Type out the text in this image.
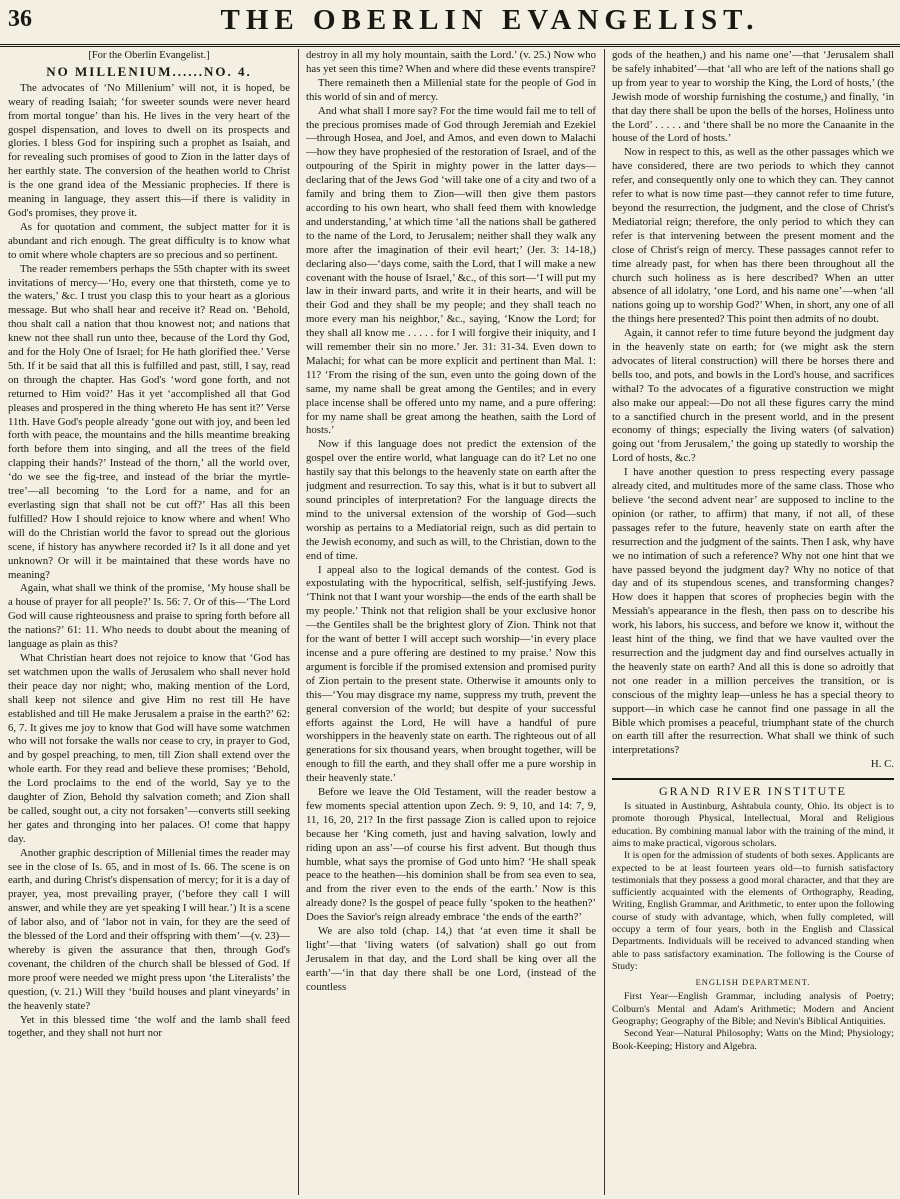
36	THE OBERLIN EVANGELIST.
[For the Oberlin Evangelist.]
NO MILLENIUM......NO. 4.

The advocates of ‘No Millenium’ will not, it is hoped, be weary of reading Isaiah; ‘for sweeter sounds were never heard from mortal tongue’ than his. He lives in the very heart of the gospel dispensation, and loves to dwell on its prospects and glories. I bless God for inspiring such a prophet as Isaiah, and for revealing such promises of good to Zion in the latter days of her earthly state. The conversion of the heathen world to Christ is the one grand idea of the Messianic prophecies. If there is meaning in language, they assert this—if there is validity in God's promises, they prove it.

As for quotation and comment, the subject matter for it is abundant and rich enough. The great difficulty is to know what to omit where whole chapters are so precious and so pertinent.

The reader remembers perhaps the 55th chapter with its sweet invitations of mercy—‘Ho, every one that thirsteth, come ye to the waters,’ &c. I trust you clasp this to your heart as a glorious message. But who shall hear and receive it? Read on. ‘Behold, thou shalt call a nation that thou knowest not; and nations that knew not thee shall run unto thee, because of the Lord thy God, and for the Holy One of Israel; for He hath glorified thee.’ Verse 5th. If it be said that all this is fulfilled and past, still, I say, read on through the chapter. Has God's ‘word gone forth, and not returned to Him void?’ Has it yet ‘accomplished all that God pleases and prospered in the thing whereto He has sent it?’ Verse 11th. Have God's people already ‘gone out with joy, and been led forth with peace, the mountains and the hills meantime breaking forth before them into singing, and all the trees of the field clapping their hands?’ Instead of the thorn,’ all the world over, ‘do we see the fig-tree, and instead of the briar the myrtle-tree’—all becoming ‘to the Lord for a name, and for an everlasting sign that shall not be cut off?’ Has all this been fulfilled? How I should rejoice to know where and when! Who will do the Christian world the favor to spread out the glorious scene, if history has anywhere recorded it? Is it all done and yet unknown? Or will it be maintained that these words have no meaning?

Again, what shall we think of the promise, ‘My house shall be a house of prayer for all people?’ Is. 56: 7. Or of this—‘The Lord God will cause righteousness and praise to spring forth before all the nations?’ 61: 11. Who needs to doubt about the meaning of language as plain as this?

What Christian heart does not rejoice to know that ‘God has set watchmen upon the walls of Jerusalem who shall never hold their peace day nor night; who, making mention of the Lord, shall keep not silence and give Him no rest till He have established and till He make Jerusalem a praise in the earth?’ 62: 6, 7. It gives me joy to know that God will have some watchmen who will not forsake the walls nor cease to cry, in prayer to God, and by gospel preaching, to men, till Zion shall extend over the whole earth. For they read and believe these promises; ‘Behold, the Lord proclaims to the end of the world, Say ye to the daughter of Zion, Behold thy salvation cometh; and Zion shall be called, sought out, a city not forsaken’—converts still seeking her gates and thronging into her palaces. O! come that happy day.

Another graphic description of Millenial times the reader may see in the close of Is. 65, and in most of Is. 66. The scene is on earth, and during Christ's dispensation of mercy; for it is a day of prayer, yea, most prevailing prayer, (‘before they call I will answer, and while they are yet speaking I will hear.’) It is a scene of labor also, and of ‘labor not in vain, for they are the seed of the blessed of the Lord and their offspring with them’—(v. 23)—whereby is given the assurance that then, through God's covenant, the children of the church shall be blessed of God. If more proof were needed we might press upon ‘the Literalists’ the question, (v. 21.) Will they ‘build houses and plant vineyards’ in the heavenly state?

Yet in this blessed time ‘the wolf and the lamb shall feed together, and they shall not hurt nor

destroy in all my holy mountain, saith the Lord.’ (v. 25.) Now who has yet seen this time? When and where did these events transpire?

There remaineth then a Millenial state for the people of God in this world of sin and of mercy.

And what shall I more say? For the time would fail me to tell of the precious promises made of God through Jeremiah and Ezekiel—through Hosea, and Joel, and Amos, and even down to Malachi—how they have prophesied of the restoration of Israel, and of the outpouring of the Spirit in mighty power in the latter days—declaring that of the Jews God ‘will take one of a city and two of a family and bring them to Zion—will then give them pastors according to his own heart, who shall feed them with knowledge and understanding,’ at which time ‘all the nations shall be gathered to the name of the Lord, to Jerusalem; neither shall they walk any more after the imagination of their evil heart;’ (Jer. 3: 14-18,) declaring also—‘days come, saith the Lord, that I will make a new covenant with the house of Israel,’ &c., of this sort—‘I will put my law in their inward parts, and write it in their hearts, and will be their God and they shall be my people; and they shall teach no more every man his neighbor,’ &c., saying, ‘Know the Lord; for they shall all know me . . . . . for I will forgive their iniquity, and I will remember their sin no more.’ Jer. 31: 31-34. Even down to Malachi; for what can be more explicit and pertinent than Mal. 1: 11? ‘From the rising of the sun, even unto the going down of the same, my name shall be great among the Gentiles; and in every place incense shall be offered unto my name, and a pure offering: for my name shall be great among the heathen, saith the Lord of hosts.’

Now if this language does not predict the extension of the gospel over the entire world, what language can do it? Let no one hastily say that this belongs to the heavenly state on earth after the judgment and resurrection. To say this, what is it but to subvert all sound principles of interpretation? For the language directs the mind to the universal extension of the worship of God—such worship as pertains to a Mediatorial reign, such as did pertain to the Jewish economy, and such as will, to the Christian, down to the end of time.

I appeal also to the logical demands of the contest. God is expostulating with the hypocritical, selfish, self-justifying Jews. ‘Think not that I want your worship—the ends of the earth shall be my people.’ Think not that religion shall be your exclusive honor—the Gentiles shall be the brightest glory of Zion. Think not that for the want of better I will accept such worship—‘in every place incense and a pure offering are destined to my praise.’ Now this argument is forcible if the promised extension and promised purity of Zion pertain to the present state. Otherwise it amounts only to this—‘You may disgrace my name, suppress my truth, prevent the general conversion of the world; but despite of your successful efforts against the Lord, He will have a handful of pure worshippers in the heavenly state on earth. The righteous out of all generations for six thousand years, when brought together, will be enough to fill the earth, and they shall offer me a pure worship in their heavenly state.’

Before we leave the Old Testament, will the reader bestow a few moments special attention upon Zech. 9: 9, 10, and 14: 7, 9, 11, 16, 20, 21? In the first passage Zion is called upon to rejoice because her ‘King cometh, just and having salvation, lowly and riding upon an ass’—of course his first advent. But though thus humble, what says the promise of God unto him? ‘He shall speak peace to the heathen—his dominion shall be from sea even to sea, and from the river even to the ends of the earth.’ Now is this already done? Is the gospel of peace fully ‘spoken to the heathen?’ Does the Savior's reign already embrace ‘the ends of the earth?’

We are also told (chap. 14,) that ‘at even time it shall be light’—that ‘living waters (of salvation) shall go out from Jerusalem in that day, and the Lord shall be king over all the earth’—‘in that day there shall be one Lord, (instead of the countless

gods of the heathen,) and his name one’—that ‘Jerusalem shall be safely inhabited’—that ‘all who are left of the nations shall go up from year to year to worship the King, the Lord of hosts,’ (the Jewish mode of worship furnishing the costume,) and finally, ‘in that day there shall be upon the bells of the horses, Holiness unto the Lord’ . . . . . and ‘there shall be no more the Canaanite in the house of the Lord of hosts.’

Now in respect to this, as well as the other passages which we have considered, there are two periods to which they cannot refer, and consequently only one to which they can. They cannot refer to what is now time past—they cannot refer to time future, beyond the resurrection, the judgment, and the close of Christ's Mediatorial reign; therefore, the only period to which they can refer is that intervening between the present moment and the close of Christ's reign of mercy. These passages cannot refer to time already past, for when has there been throughout all the church such holiness as is here described? When an utter absence of all idolatry, ‘one Lord, and his name one’—when ‘all nations going up to worship God?’ When, in short, any one of all the things here presented? This point then admits of no doubt.

Again, it cannot refer to time future beyond the judgment day in the heavenly state on earth; for (we might ask the stern advocates of literal construction) will there be horses there and bells too, and pots, and bowls in the Lord's house, and sacrifices withal? To the advocates of a figurative construction we might also make our appeal:—Do not all these figures carry the mind to a sanctified church in the present world, and in the present economy of things; especially the living waters (of salvation) going out ‘from Jerusalem,’ the going up statedly to worship the Lord of hosts, &c.?

I have another question to press respecting every passage already cited, and multitudes more of the same class. Those who believe ‘the second advent near’ are supposed to incline to the opinion (or rather, to affirm) that many, if not all, of these passages refer to the future, heavenly state on earth after the resurrection and the judgment of the saints. Then I ask, why have we no intimation of such a reference? Why not one hint that we have passed beyond the judgment day? Why no notice of that day and of its stupendous scenes, and transforming changes? How does it happen that scores of prophecies begin with the Messiah's appearance in the flesh, then pass on to describe his work, his labors, his success, and before we know it, without the least hint of the thing, we find that we have vaulted over the resurrection and the judgment day and find ourselves actually in the heavenly state on earth? And all this is done so adroitly that not one reader in a million perceives the transition, or is conscious of the mighty leap—unless he has a special theory to support—in which case he cannot find one passage in all the Bible which promises a peaceful, triumphant state of the church on earth till after the resurrection. What shall we think of such interpretations?

H. C.
GRAND RIVER INSTITUTE

Is situated in Austinburg, Ashtabula county, Ohio. Its object is to promote thorough Physical, Intellectual, Moral and Religious education. By combining manual labor with the training of the mind, it aims to make practical, vigorous scholars.

It is open for the admission of students of both sexes. Applicants are expected to be at least fourteen years old—to furnish satisfactory testimonials that they possess a good moral character, and that they are sufficiently acquainted with the elements of Orthography, Reading, Writing, English Grammar, and Arithmetic, to enter upon the following course of study with advantage, which, when fully completed, will occupy a term of four years, both in the English and Classical Departments. Individuals will be received to advanced standing when able to pass satisfactory examination. The following is the Course of Study:

ENGLISH DEPARTMENT.

First Year—English Grammar, including analysis of Poetry; Colburn's Mental and Adam's Arithmetic; Modern and Ancient Geography; Geography of the Bible; and Nevin's Biblical Antiquities.

Second Year—Natural Philosophy; Watts on the Mind; Physiology; Book-Keeping; History and Algebra.
